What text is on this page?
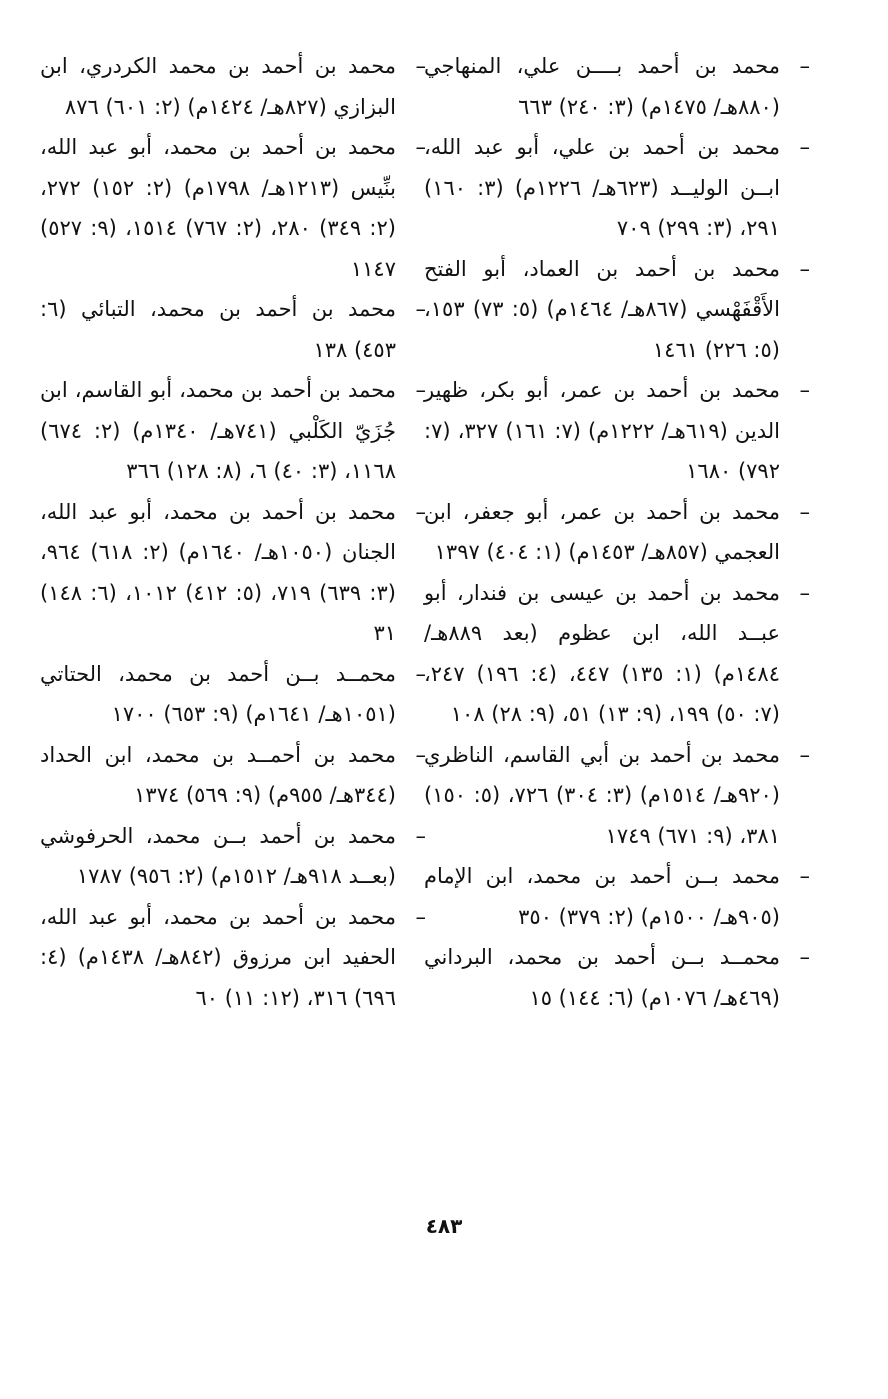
–
محمد بن أحمد بــــن علي، المنهاجي (٨٨٠هـ/ ١٤٧٥م) (٣: ٢٤٠) ٦٦٣
–
محمد بن أحمد بن علي، أبو عبد الله، ابــن الوليــد (٦٢٣هـ/ ١٢٢٦م) (٣: ١٦٠) ٢٩١، (٣: ٢٩٩) ٧٠٩
–
محمد بن أحمد بن العماد، أبو الفتح الأَقْفَهْسي (٨٦٧هـ/ ١٤٦٤م) (٥: ٧٣) ١٥٣، (٥: ٢٢٦) ١٤٦١
–
محمد بن أحمد بن عمر، أبو بكر، ظهير الدين (٦١٩هـ/ ١٢٢٢م) (٧: ١٦١) ٣٢٧، (٧: ٧٩٢) ١٦٨٠
–
محمد بن أحمد بن عمر، أبو جعفر، ابن العجمي (٨٥٧هـ/ ١٤٥٣م) (١: ٤٠٤) ١٣٩٧
–
محمد بن أحمد بن عيسى بن فندار، أبو عبــد الله، ابن عظوم (بعد ٨٨٩هـ/ ١٤٨٤م) (١: ١٣٥) ٤٤٧، (٤: ١٩٦) ٢٤٧، (٧: ٥٠) ١٩٩، (٩: ١٣) ٥١، (٩: ٢٨) ١٠٨
–
محمد بن أحمد بن أبي القاسم، الناظري (٩٢٠هـ/ ١٥١٤م) (٣: ٣٠٤) ٧٢٦، (٥: ١٥٠) ٣٨١، (٩: ٦٧١) ١٧٤٩
–
محمد بــن أحمد بن محمد، ابن الإمام (٩٠٥هـ/ ١٥٠٠م) (٢: ٣٧٩) ٣٥٠
–
محمــد بــن أحمد بن محمد، البرداني (٤٦٩هـ/ ١٠٧٦م) (٦: ١٤٤) ١٥
–
محمد بن أحمد بن محمد الكردري، ابن البزازي (٨٢٧هـ/ ١٤٢٤م) (٢: ٦٠١) ٨٧٦
–
محمد بن أحمد بن محمد، أبو عبد الله، بنِّيس (١٢١٣هـ/ ١٧٩٨م) (٢: ١٥٢) ٢٧٢، (٢: ٣٤٩) ٢٨٠، (٢: ٧٦٧) ١٥١٤، (٩: ٥٢٧) ١١٤٧
–
محمد بن أحمد بن محمد، التبائي (٦: ٤٥٣) ١٣٨
–
محمد بن أحمد بن محمد، أبو القاسم، ابن جُزَيّ الكَلْبي (٧٤١هـ/ ١٣٤٠م) (٢: ٦٧٤) ١١٦٨، (٣: ٤٠) ٦، (٨: ١٢٨) ٣٦٦
–
محمد بن أحمد بن محمد، أبو عبد الله، الجنان (١٠٥٠هـ/ ١٦٤٠م) (٢: ٦١٨) ٩٦٤، (٣: ٦٣٩) ٧١٩، (٥: ٤١٢) ١٠١٢، (٦: ١٤٨) ٣١
–
محمــد بــن أحمد بن محمد، الحتاتي (١٠٥١هـ/ ١٦٤١م) (٩: ٦٥٣) ١٧٠٠
–
محمد بن أحمــد بن محمد، ابن الحداد (٣٤٤هـ/ ٩٥٥م) (٩: ٥٦٩) ١٣٧٤
–
محمد بن أحمد بــن محمد، الحرفوشي (بعــد ٩١٨هـ/ ١٥١٢م) (٢: ٩٥٦) ١٧٨٧
–
محمد بن أحمد بن محمد، أبو عبد الله، الحفيد ابن مرزوق (٨٤٢هـ/ ١٤٣٨م) (٤: ٦٩٦) ٣١٦، (١٢: ١١) ٦٠
٤٨٣
